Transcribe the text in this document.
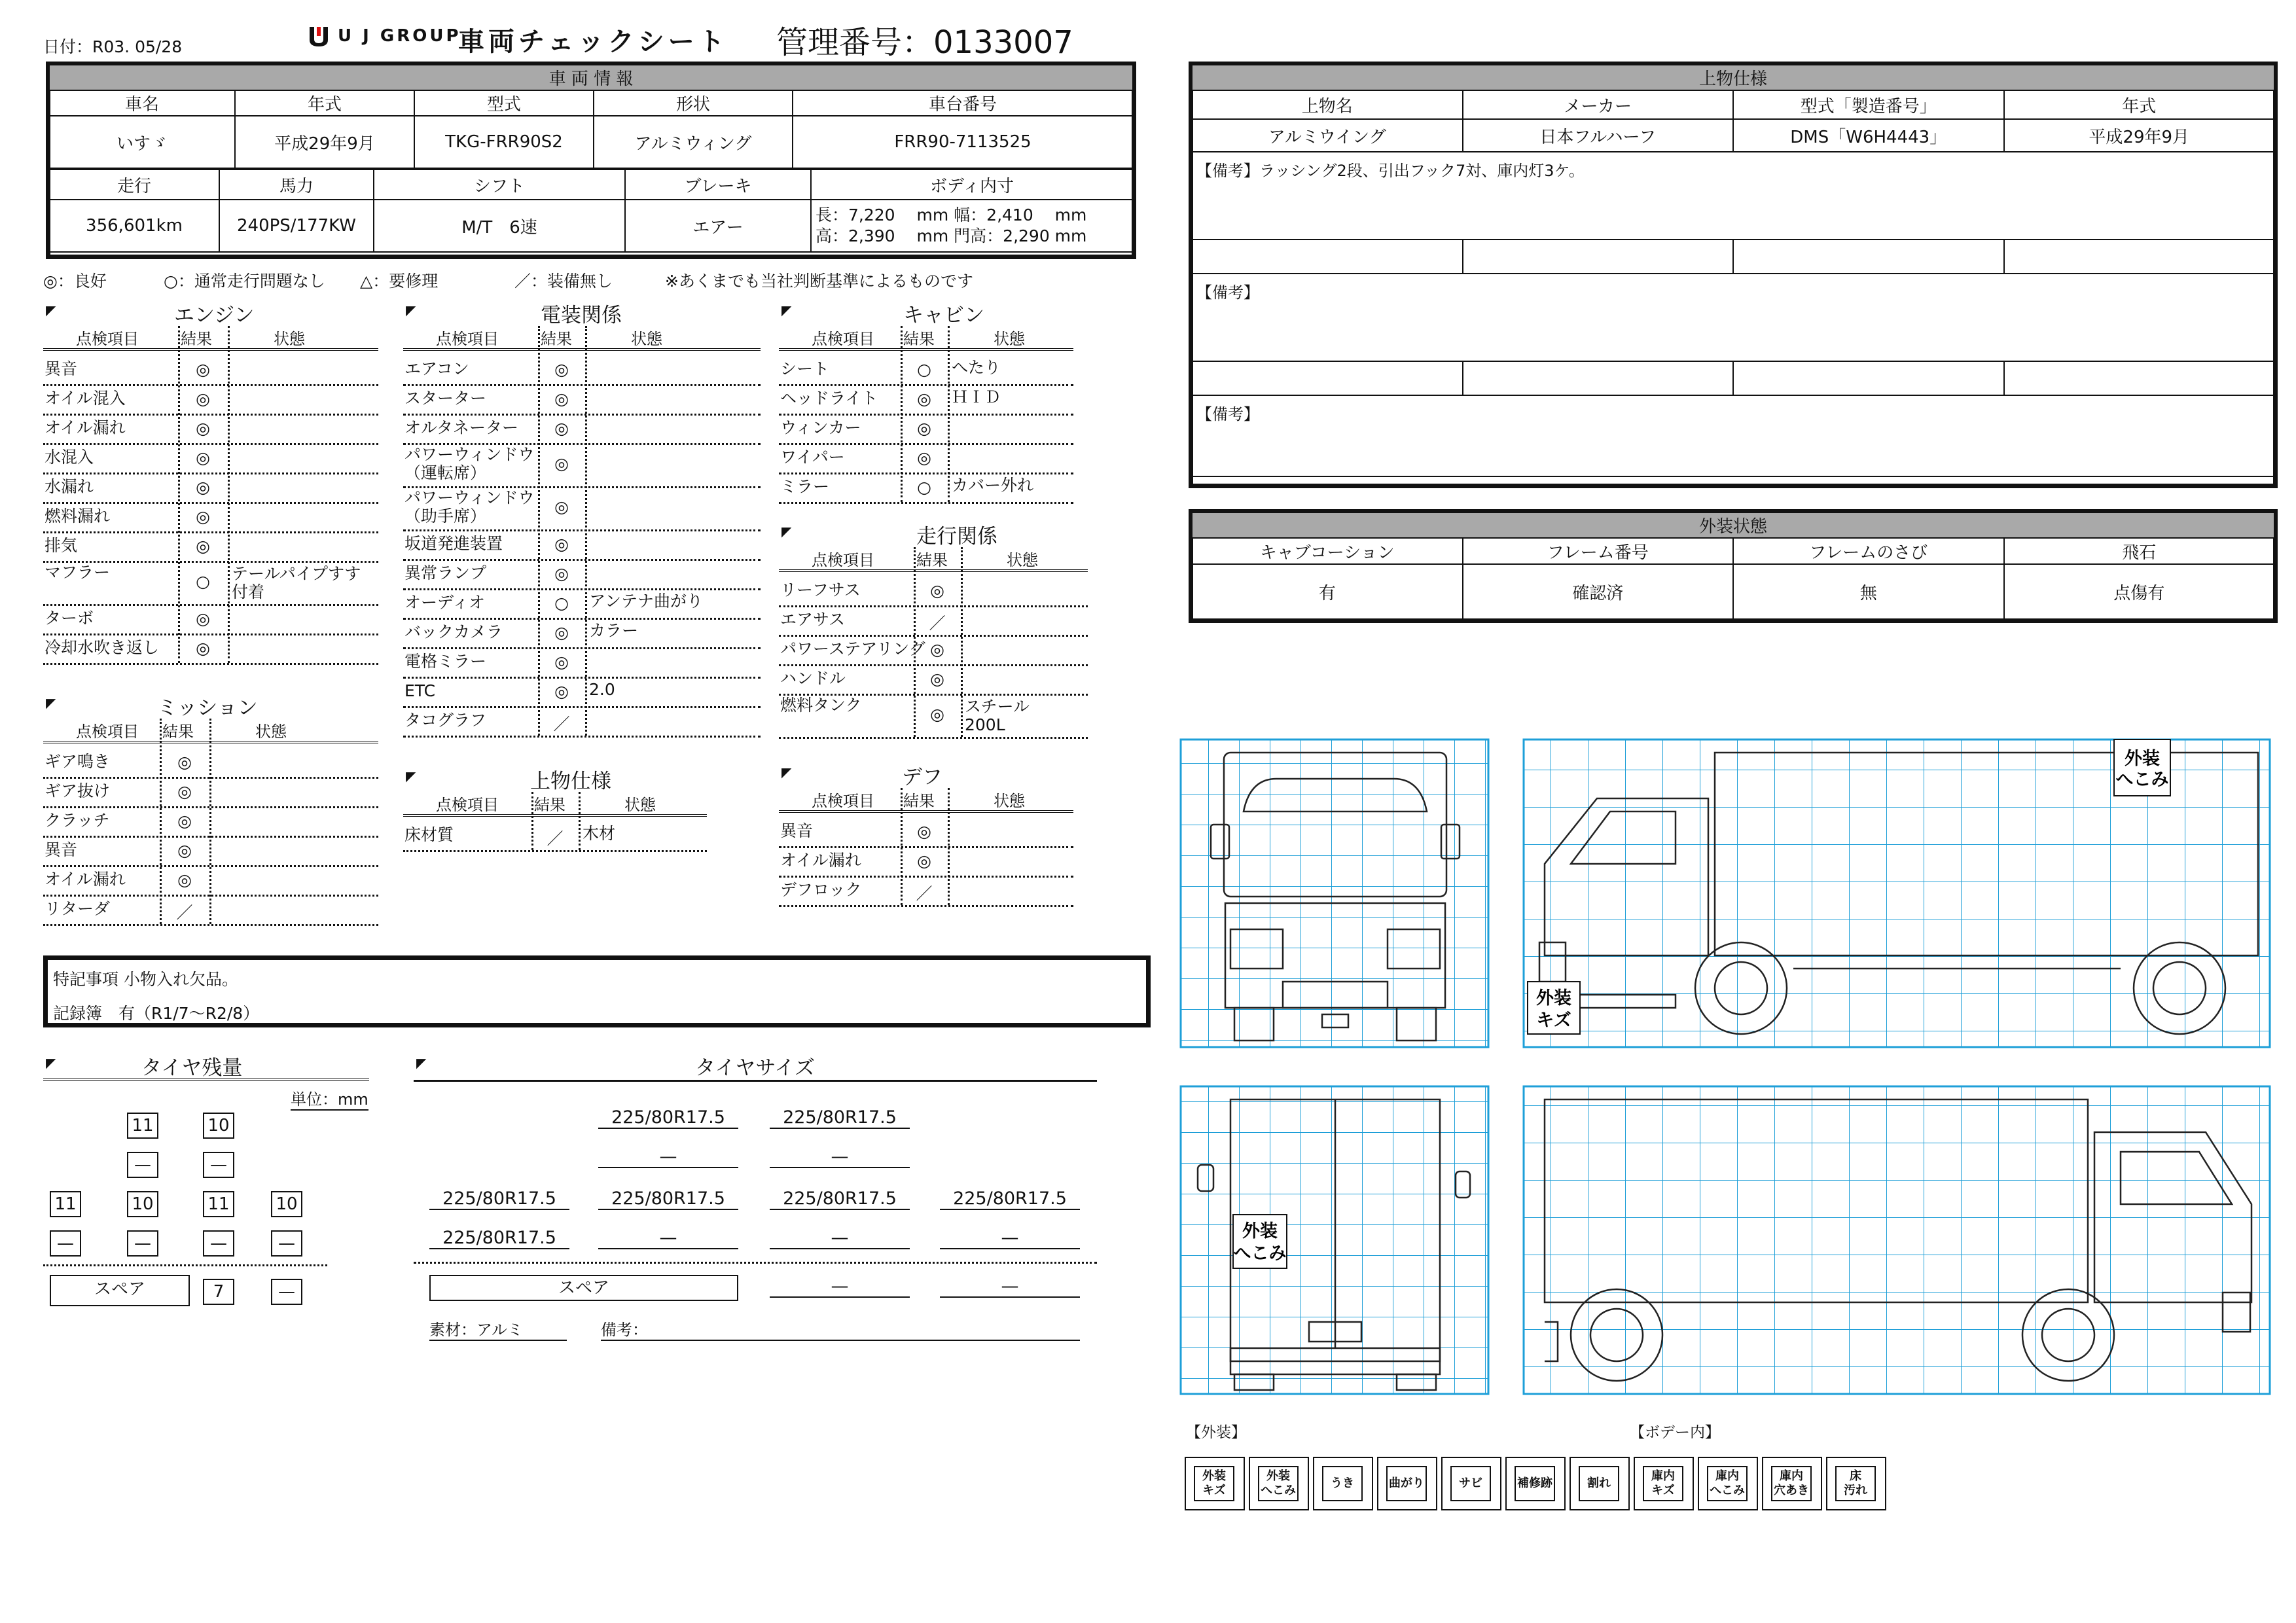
日付：R03. 05/28
U J GROUP
車両チェックシート 管理番号：0133007
車 両 情 報				
車名	年式	型式	形状	車台番号
いすゞ	平成29年9月	TKG-FRR90S2	アルミウィング	FRR90-7113525
走行	馬力	シフト	ブレーキ	ボディ内寸
356,601km	240PS/177KW	M/T　6速	エアー	長：7,220　 mm 幅：2,410　 mm
高：2,390　 mm 門高：2,290 mm
◎：良好	○：通常走行問題なし △：要修理	／：装備無し	※あくまでも当社判断基準によるものです
◤	エンジン
点検項目	結果	状態
異音	◎
オイル混入	◎
オイル漏れ	◎
水混入	◎
水漏れ	◎
燃料漏れ	◎
排気	◎
マフラー	○	テールパイプすす付着
ターボ	◎
冷却水吹き返し	◎
◤	ミッション
点検項目 結果	状態
ギア鳴き	◎
ギア抜け	◎
クラッチ	◎
異音	◎
オイル漏れ	◎
リターダ	／
◤	電装関係
点検項目	結果	状態
エアコン	◎
スターター	◎
オルタネーター	◎
パワーウィンドウ
（運転席）	◎
パワーウィンドウ
（助手席）	◎
坂道発進装置	◎
異常ランプ	◎
オーディオ	○	アンテナ曲がり
バックカメラ	◎	カラー
電格ミラー	◎
ETC	◎	2.0
タコグラフ	／
◤	上物仕様
点検項目 結果	状態
床材質	／	木材
◤	キャビン
点検項目 結果	状態
シート	○	へたり
ヘッドライト	◎	ＨＩＤ
ウィンカー	◎
ワイパー	◎
ミラー	○	カバー外れ
◤	走行関係
点検項目	結果	状態
リーフサス	◎
エアサス	／
パワーステアリング ◎
ハンドル	◎
燃料タンク	◎	スチール
200L
◤	デフ
点検項目 結果	状態
異音	◎
オイル漏れ	◎
デフロック	／
特記事項 小物入れ欠品。
記録簿　有（R1/7～R2/8）
◤	タイヤ残量
単位：mm
11	10
—	—
11	10	11	10
—	—	—	—
スペア	7	—
◤	タイヤサイズ
225/80R17.5	225/80R17.5
—	—
225/80R17.5	225/80R17.5	225/80R17.5	225/80R17.5
225/80R17.5	—	—	—
スペア	—	—
素材：アルミ	備考：
上物仕様			
上物名	メーカー	型式「製造番号」	年式
アルミウイング	日本フルハーフ	DMS「W6H4443」	平成29年9月
【備考】ラッシング2段、引出フック7対、庫内灯3ケ。			

【備考】			

【備考】			
外装状態			
キャブコーション	フレーム番号	フレームのさび	飛石
有	確認済	無	点傷有
外装
へこみ
外装
キズ
外装
へこみ
【外装】	【ボデー内】
外装
キズ
外装
へこみ
うき	曲がり	サビ	補修跡	割れ
庫内
キズ
庫内
へこみ
庫内
穴あき
床
汚れ
